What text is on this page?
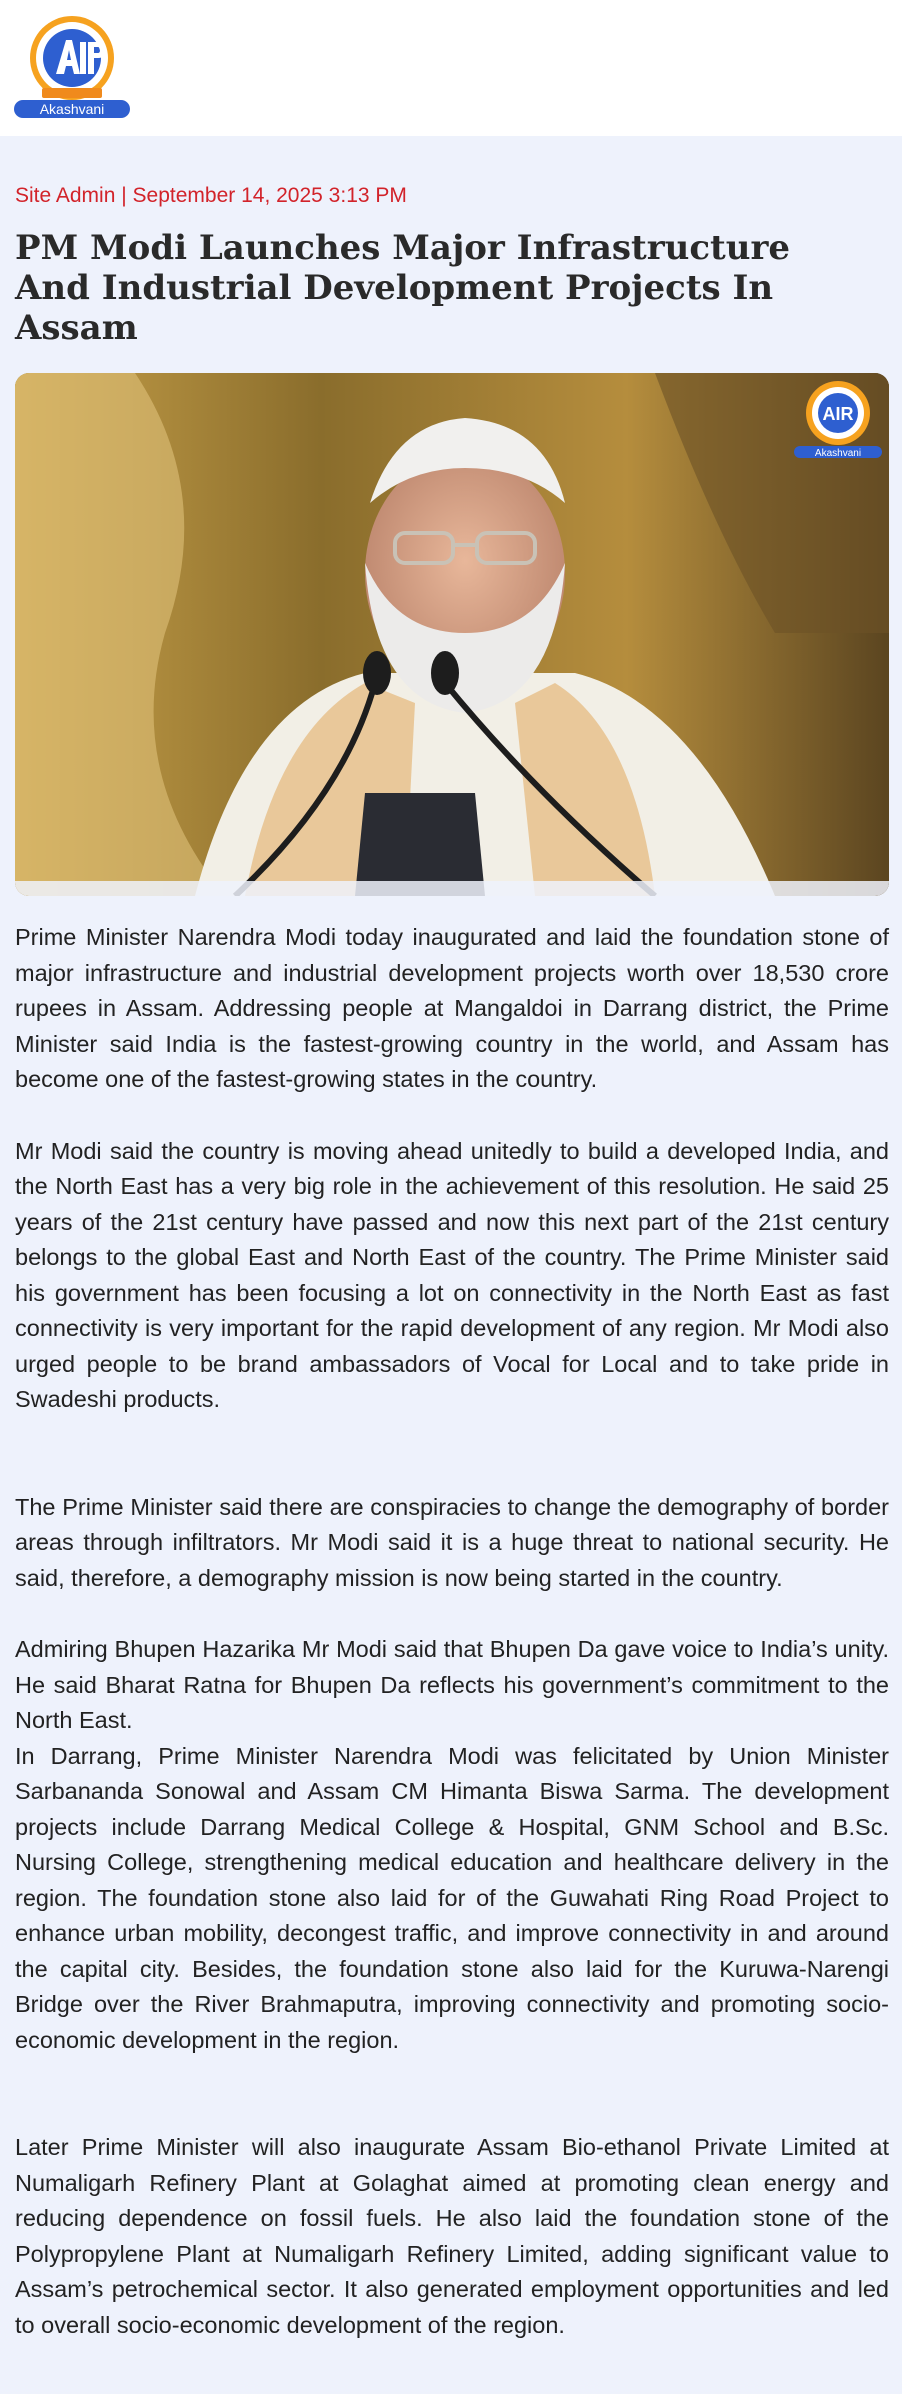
Akashvani
Site Admin | September 14, 2025 3:13 PM
PM Modi Launches Major Infrastructure And Industrial Development Projects In Assam
AIR
Akashvani

Prime Minister Narendra Modi today inaugurated and laid the foundation stone of major infrastructure and industrial development projects worth over 18,530 crore rupees in Assam. Addressing people at Mangaldoi in Darrang district, the Prime Minister said India is the fastest-growing country in the world, and Assam has become one of the fastest-growing states in the country.

Mr Modi said the country is moving ahead unitedly to build a developed India, and the North East has a very big role in the achievement of this resolution. He said 25 years of the 21st century have passed and now this next part of the 21st century belongs to the global East and North East of the country. The Prime Minister said his government has been focusing a lot on connectivity in the North East as fast connectivity is very important for the rapid development of any region. Mr Modi also urged people to be brand ambassadors of Vocal for Local and to take pride in Swadeshi products.

The Prime Minister said there are conspiracies to change the demography of border areas through infiltrators. Mr Modi said it is a huge threat to national security. He said, therefore, a demography mission is now being started in the country.

Admiring Bhupen Hazarika Mr Modi said that Bhupen Da gave voice to India’s unity. He said Bharat Ratna for Bhupen Da reflects his government’s commitment to the North East.

In Darrang, Prime Minister Narendra Modi was felicitated by Union Minister Sarbananda Sonowal and Assam CM Himanta Biswa Sarma. The development projects include Darrang Medical College & Hospital, GNM School and B.Sc. Nursing College, strengthening medical education and healthcare delivery in the region. The foundation stone also laid for of the Guwahati Ring Road Project to enhance urban mobility, decongest traffic, and improve connectivity in and around the capital city. Besides, the foundation stone also laid for the Kuruwa-Narengi Bridge over the River Brahmaputra, improving connectivity and promoting socio-economic development in the region.

Later Prime Minister will also inaugurate Assam Bio-ethanol Private Limited at Numaligarh Refinery Plant at Golaghat aimed at promoting clean energy and reducing dependence on fossil fuels. He also laid the foundation stone of the Polypropylene Plant at Numaligarh Refinery Limited, adding significant value to Assam’s petrochemical sector. It also generated employment opportunities and led to overall socio-economic development of the region.
